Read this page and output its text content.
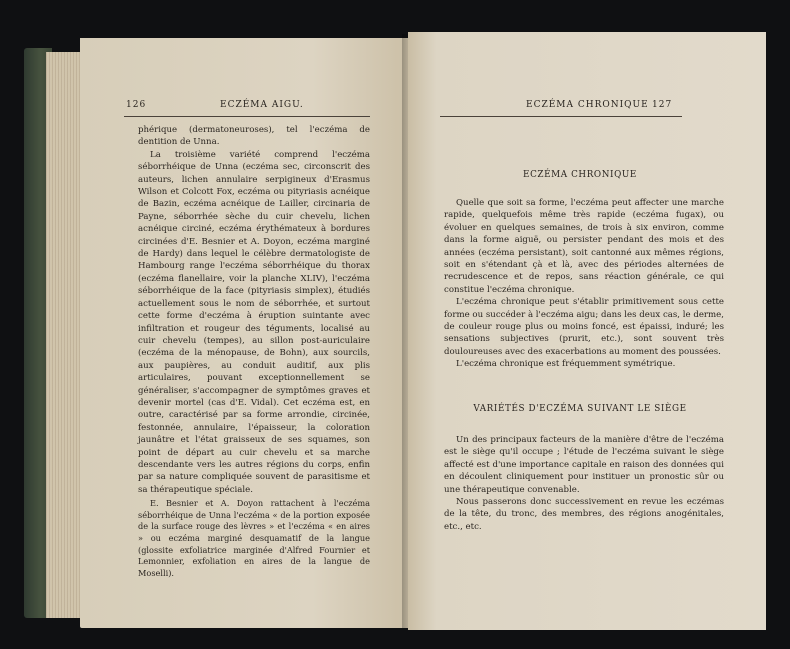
126	ECZÉMA AIGU.

phérique (dermatoneuroses), tel l'eczéma de dentition de Unna.

La troisième variété comprend l'eczéma séborrhéique de Unna (eczéma sec, circonscrit des auteurs, lichen annulaire serpigineux d'Erasmus Wilson et Colcott Fox, eczéma ou pityriasis acnéique de Bazin, eczéma acnéique de Lailler, circinaria de Payne, séborrhée sèche du cuir chevelu, lichen acnéique circiné, eczéma érythémateux à bordures circinées d'E. Besnier et A. Doyon, eczéma marginé de Hardy) dans lequel le célèbre dermatologiste de Hambourg range l'eczéma séborrhéique du thorax (eczéma flanellaire, voir la planche XLIV), l'eczéma séborrhéique de la face (pityriasis simplex), étudiés actuellement sous le nom de séborrhée, et surtout cette forme d'eczéma à éruption suintante avec infiltration et rougeur des téguments, localisé au cuir chevelu (tempes), au sillon post-auriculaire (eczéma de la ménopause, de Bohn), aux sourcils, aux paupières, au conduit auditif, aux plis articulaires, pouvant exceptionnellement se généraliser, s'accompagner de symptômes graves et devenir mortel (cas d'E. Vidal). Cet eczéma est, en outre, caractérisé par sa forme arrondie, circinée, festonnée, annulaire, l'épaisseur, la coloration jaunâtre et l'état graisseux de ses squames, son point de départ au cuir chevelu et sa marche descendante vers les autres régions du corps, enfin par sa nature compliquée souvent de parasitisme et sa thérapeutique spéciale.

E. Besnier et A. Doyon rattachent à l'eczéma séborrhéique de Unna l'eczéma « de la portion exposée de la surface rouge des lèvres » et l'eczéma « en aires » ou eczéma marginé desquamatif de la langue (glossite exfoliatrice marginée d'Alfred Fournier et Lemonnier, exfoliation en aires de la langue de Moselli).

ECZÉMA CHRONIQUE 127
ECZÉMA CHRONIQUE

Quelle que soit sa forme, l'eczéma peut affecter une marche rapide, quelquefois même très rapide (eczéma fugax), ou évoluer en quelques semaines, de trois à six environ, comme dans la forme aiguë, ou persister pendant des mois et des années (eczéma persistant), soit cantonné aux mêmes régions, soit en s'étendant çà et là, avec des périodes alternées de recrudescence et de repos, sans réaction générale, ce qui constitue l'eczéma chronique.

L'eczéma chronique peut s'établir primitivement sous cette forme ou succéder à l'eczéma aigu; dans les deux cas, le derme, de couleur rouge plus ou moins foncé, est épaissi, induré; les sensations subjectives (prurit, etc.), sont souvent très douloureuses avec des exacerbations au moment des poussées.

L'eczéma chronique est fréquemment symétrique.

VARIÉTÉS D'ECZÉMA SUIVANT LE SIÈGE

Un des principaux facteurs de la manière d'être de l'eczéma est le siège qu'il occupe ; l'étude de l'eczéma suivant le siège affecté est d'une importance capitale en raison des données qui en découlent cliniquement pour instituer un pronostic sûr ou une thérapeutique convenable.

Nous passerons donc successivement en revue les eczémas de la tête, du tronc, des membres, des régions anogénitales, etc., etc.
